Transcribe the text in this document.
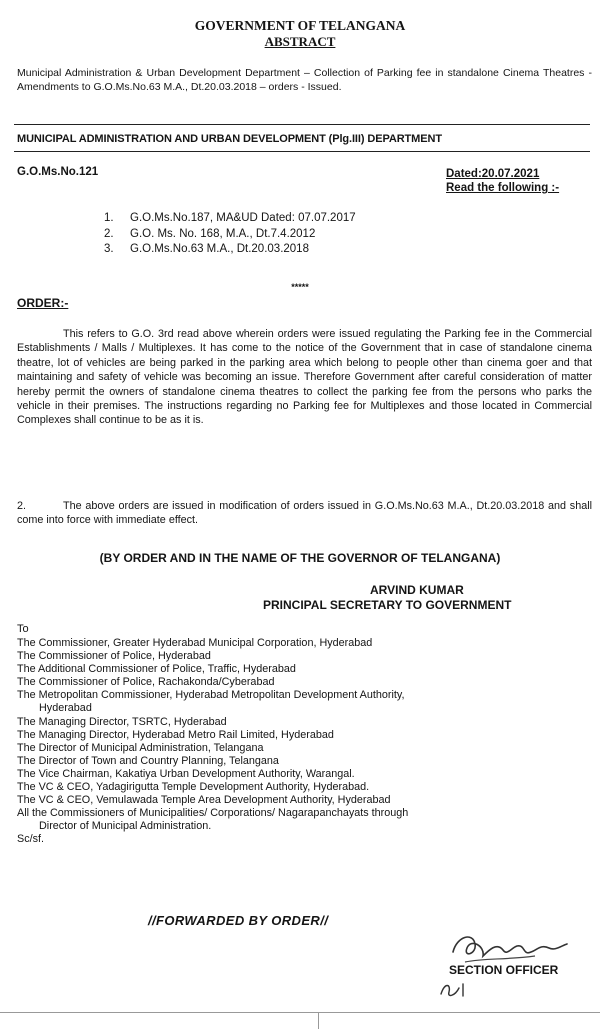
GOVERNMENT OF TELANGANA
ABSTRACT
Municipal Administration & Urban Development Department – Collection of Parking fee in standalone Cinema Theatres - Amendments to G.O.Ms.No.63 M.A., Dt.20.03.2018 – orders - Issued.
MUNICIPAL ADMINISTRATION AND URBAN DEVELOPMENT (Plg.III) DEPARTMENT
G.O.Ms.No.121	Dated:20.07.2021
Read the following :-
1. G.O.Ms.No.187, MA&UD Dated: 07.07.2017
2. G.O. Ms. No. 168, M.A., Dt.7.4.2012
3. G.O.Ms.No.63 M.A., Dt.20.03.2018
*****
ORDER:-
This refers to G.O. 3rd read above wherein orders were issued regulating the Parking fee in the Commercial Establishments / Malls / Multiplexes. It has come to the notice of the Government that in case of standalone cinema theatre, lot of vehicles are being parked in the parking area which belong to people other than cinema goer and that maintaining and safety of vehicle was becoming an issue. Therefore Government after careful consideration of matter hereby permit the owners of standalone cinema theatres to collect the parking fee from the persons who parks the vehicle in their premises. The instructions regarding no Parking fee for Multiplexes and those located in Commercial Complexes shall continue to be as it is.
2.	The above orders are issued in modification of orders issued in G.O.Ms.No.63 M.A., Dt.20.03.2018 and shall come into force with immediate effect.
(BY ORDER AND IN THE NAME OF THE GOVERNOR OF TELANGANA)
ARVIND KUMAR
PRINCIPAL SECRETARY TO GOVERNMENT
To
The Commissioner, Greater Hyderabad Municipal Corporation, Hyderabad
The Commissioner of Police, Hyderabad
The Additional Commissioner of Police, Traffic, Hyderabad
The Commissioner of Police, Rachakonda/Cyberabad
The Metropolitan Commissioner, Hyderabad Metropolitan Development Authority,
Hyderabad
The Managing Director, TSRTC, Hyderabad
The Managing Director, Hyderabad Metro Rail Limited, Hyderabad
The Director of Municipal Administration, Telangana
The Director of Town and Country Planning, Telangana
The Vice Chairman, Kakatiya Urban Development Authority, Warangal.
The VC & CEO, Yadagirigutta Temple Development Authority, Hyderabad.
The VC & CEO, Vemulawada Temple Area Development Authority, Hyderabad
All the Commissioners of Municipalities/ Corporations/ Nagarapanchayats through
Director of Municipal Administration.
Sc/sf.
//FORWARDED BY ORDER//
SECTION OFFICER
